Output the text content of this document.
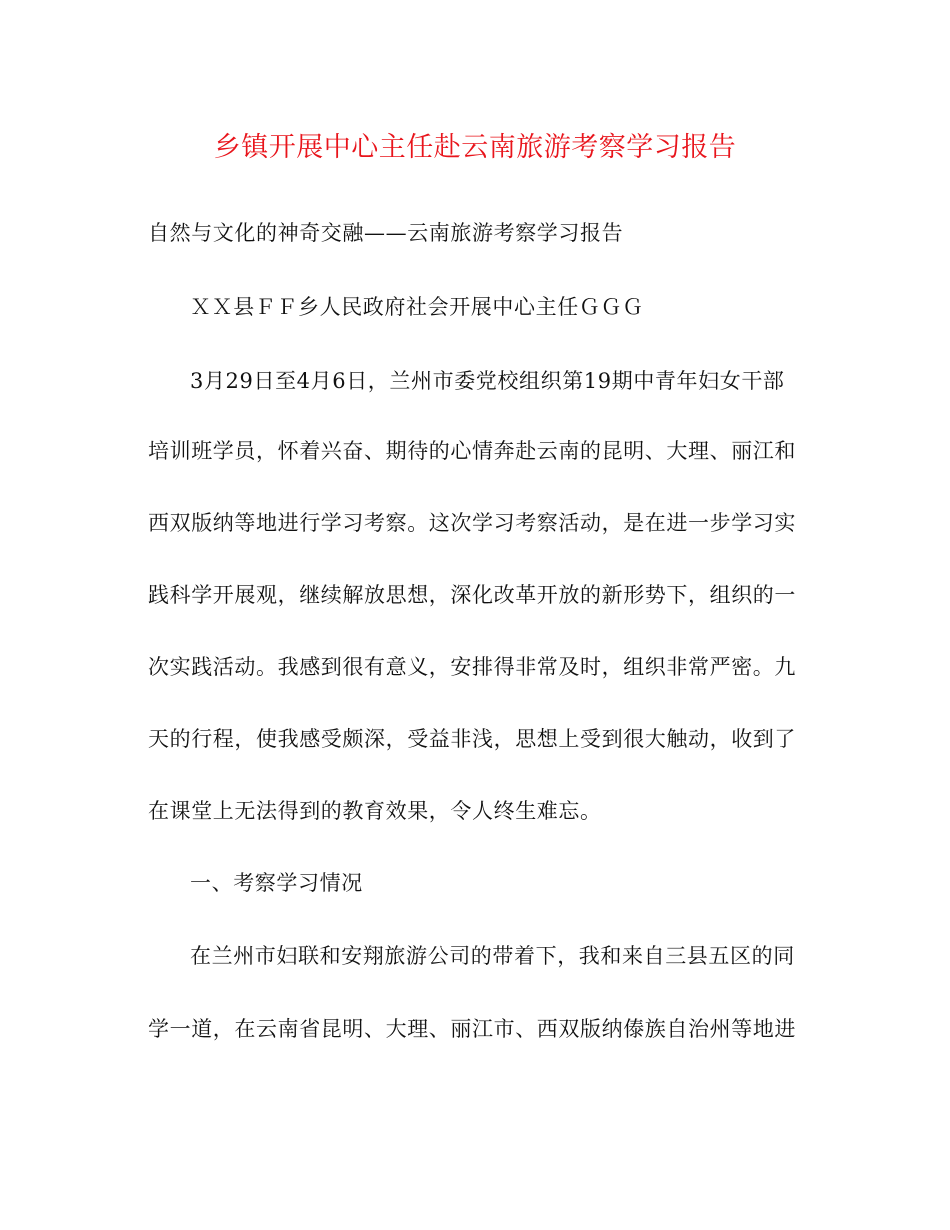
乡镇开展中心主任赴云南旅游考察学习报告
自然与文化的神奇交融——云南旅游考察学习报告
ＸＸ县ＦＦ乡人民政府社会开展中心主任ＧＧＧ
3月29日至4月6日，兰州市委党校组织第19期中青年妇女干部
培训班学员，怀着兴奋、期待的心情奔赴云南的昆明、大理、丽江和
西双版纳等地进行学习考察。这次学习考察活动，是在进一步学习实
践科学开展观，继续解放思想，深化改革开放的新形势下，组织的一
次实践活动。我感到很有意义，安排得非常及时，组织非常严密。九
天的行程，使我感受颇深，受益非浅，思想上受到很大触动，收到了
在课堂上无法得到的教育效果，令人终生难忘。
一、考察学习情况
在兰州市妇联和安翔旅游公司的带着下，我和来自三县五区的同
学一道，在云南省昆明、大理、丽江市、西双版纳傣族自治州等地进
